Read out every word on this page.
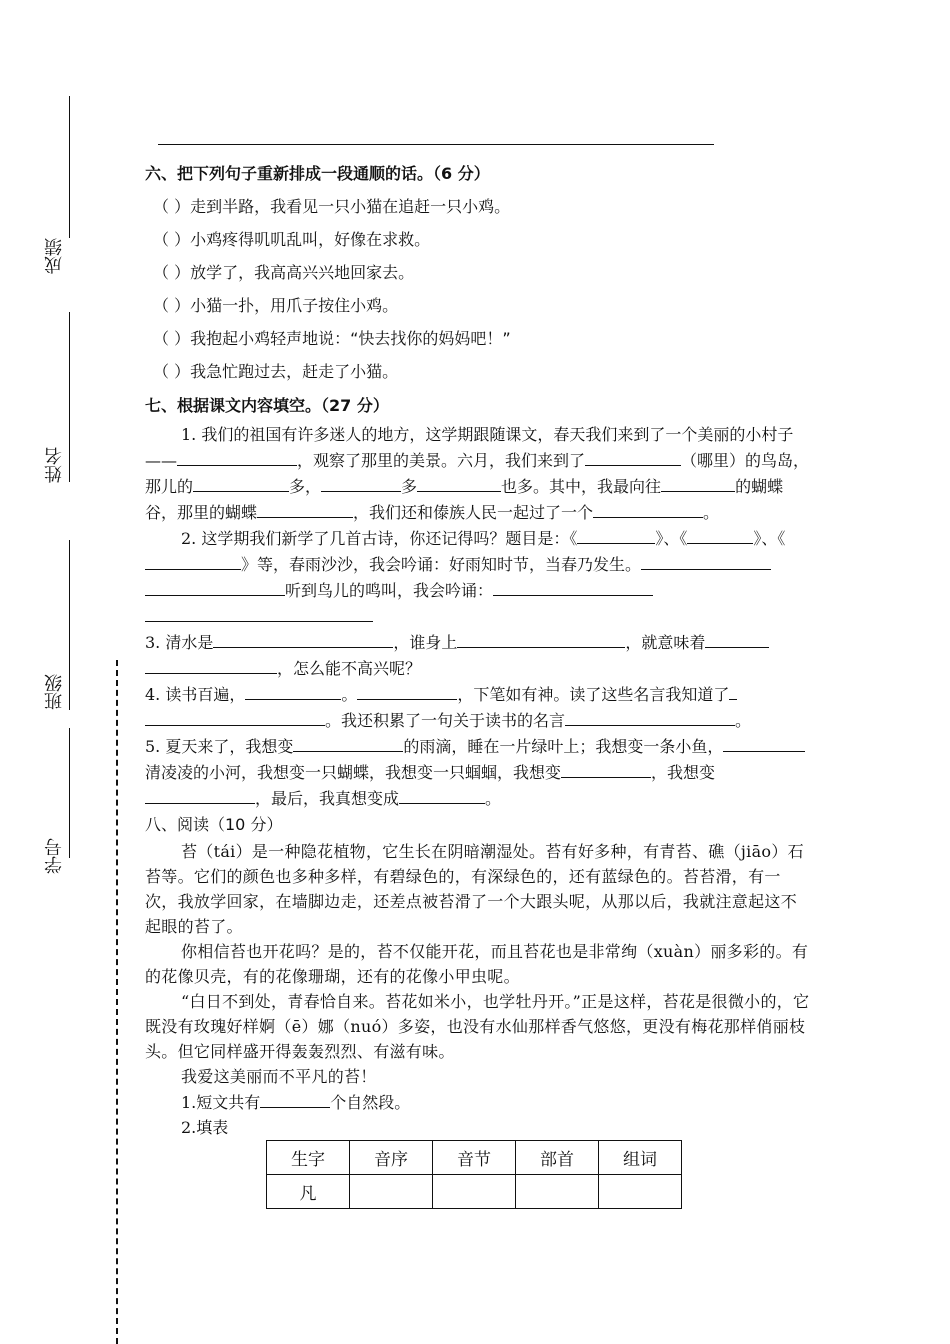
成绩
姓名
班级
学号
六、把下列句子重新排成一段通顺的话。（6 分）
（ ）走到半路，我看见一只小猫在追赶一只小鸡。
（ ）小鸡疼得叽叽乱叫，好像在求救。
（ ）放学了，我高高兴兴地回家去。
（ ）小猫一扑，用爪子按住小鸡。
（ ）我抱起小鸡轻声地说：“快去找你的妈妈吧！”
（ ）我急忙跑过去，赶走了小猫。
七、根据课文内容填空。（27 分）
1. 我们的祖国有许多迷人的地方，这学期跟随课文，春天我们来到了一个美丽的小村子——	，观察了那里的美景。六月，我们来到了	（哪里）的鸟岛，那儿的	多，	多	也多。其中，我最向往	的蝴蝶谷，那里的蝴蝶	，我们还和傣族人民一起过了一个	。
2. 这学期我们新学了几首古诗，你还记得吗？题目是：《	》、《	》、《》等，春雨沙沙，我会吟诵：好雨知时节，当春乃发生。 听到鸟儿的鸣叫，我会吟诵：
3. 清水是	，谁身上	，就意味着，怎么能不高兴呢？
4. 读书百遍，	。	，下笔如有神。读了这些名言我知道了。我还积累了一句关于读书的名言	。
5. 夏天来了，我想变	的雨滴，睡在一片绿叶上；我想变一条小鱼，清凌凌的小河，我想变一只蝴蝶，我想变一只蝈蝈，我想变	，我想变，最后，我真想变成	。
八、阅读（10 分）

苔（tái）是一种隐花植物，它生长在阴暗潮湿处。苔有好多种，有青苔、礁（jiāo）石苔等。它们的颜色也多种多样，有碧绿色的，有深绿色的，还有蓝绿色的。苔苔滑，有一次，我放学回家，在墙脚边走，还差点被苔滑了一个大跟头呢，从那以后，我就注意起这不起眼的苔了。

你相信苔也开花吗？是的，苔不仅能开花，而且苔花也是非常绚（xuàn）丽多彩的。有的花像贝壳，有的花像珊瑚，还有的花像小甲虫呢。

“白日不到处，青春恰自来。苔花如米小，也学牡丹开。”正是这样，苔花是很微小的，它既没有玫瑰好样婀（ē）娜（nuó）多姿，也没有水仙那样香气悠悠，更没有梅花那样俏丽枝头。但它同样盛开得轰轰烈烈、有滋有味。

我爱这美丽而不平凡的苔！

1.短文共有	个自然段。
2.填表
生字	音序	音节	部首	组词
凡				
